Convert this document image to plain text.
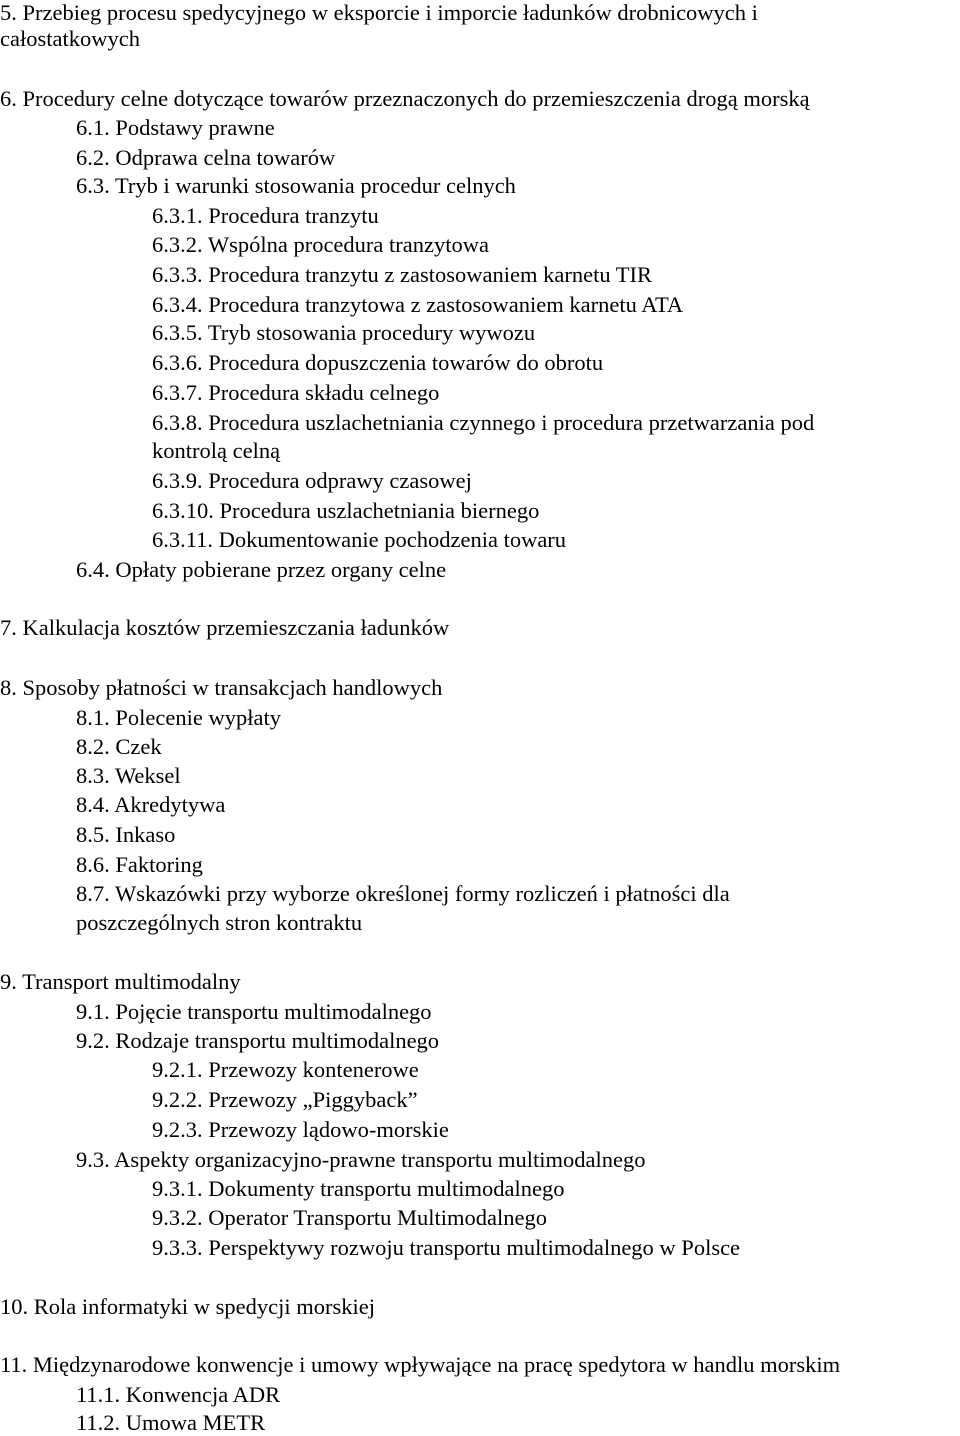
5. Przebieg procesu spedycyjnego w eksporcie i imporcie ładunków drobnicowych i

całostatkowych

6. Procedury celne dotyczące towarów przeznaczonych do przemieszczenia drogą morską

6.1. Podstawy prawne

6.2. Odprawa celna towarów

6.3. Tryb i warunki stosowania procedur celnych

6.3.1. Procedura tranzytu

6.3.2. Wspólna procedura tranzytowa

6.3.3. Procedura tranzytu z zastosowaniem karnetu TIR

6.3.4. Procedura tranzytowa z zastosowaniem karnetu ATA

6.3.5. Tryb stosowania procedury wywozu

6.3.6. Procedura dopuszczenia towarów do obrotu

6.3.7. Procedura składu celnego

6.3.8. Procedura uszlachetniania czynnego i procedura przetwarzania pod

kontrolą celną

6.3.9. Procedura odprawy czasowej

6.3.10. Procedura uszlachetniania biernego

6.3.11. Dokumentowanie pochodzenia towaru

6.4. Opłaty pobierane przez organy celne

7. Kalkulacja kosztów przemieszczania ładunków

8. Sposoby płatności w transakcjach handlowych

8.1. Polecenie wypłaty

8.2. Czek

8.3. Weksel

8.4. Akredytywa

8.5. Inkaso

8.6. Faktoring

8.7. Wskazówki przy wyborze określonej formy rozliczeń i płatności dla

poszczególnych stron kontraktu

9. Transport multimodalny

9.1. Pojęcie transportu multimodalnego

9.2. Rodzaje transportu multimodalnego

9.2.1. Przewozy kontenerowe

9.2.2. Przewozy „Piggyback”

9.2.3. Przewozy lądowo-morskie

9.3. Aspekty organizacyjno-prawne transportu multimodalnego

9.3.1. Dokumenty transportu multimodalnego

9.3.2. Operator Transportu Multimodalnego

9.3.3. Perspektywy rozwoju transportu multimodalnego w Polsce

10. Rola informatyki w spedycji morskiej

11. Międzynarodowe konwencje i umowy wpływające na pracę spedytora w handlu morskim

11.1. Konwencja ADR

11.2. Umowa METR
